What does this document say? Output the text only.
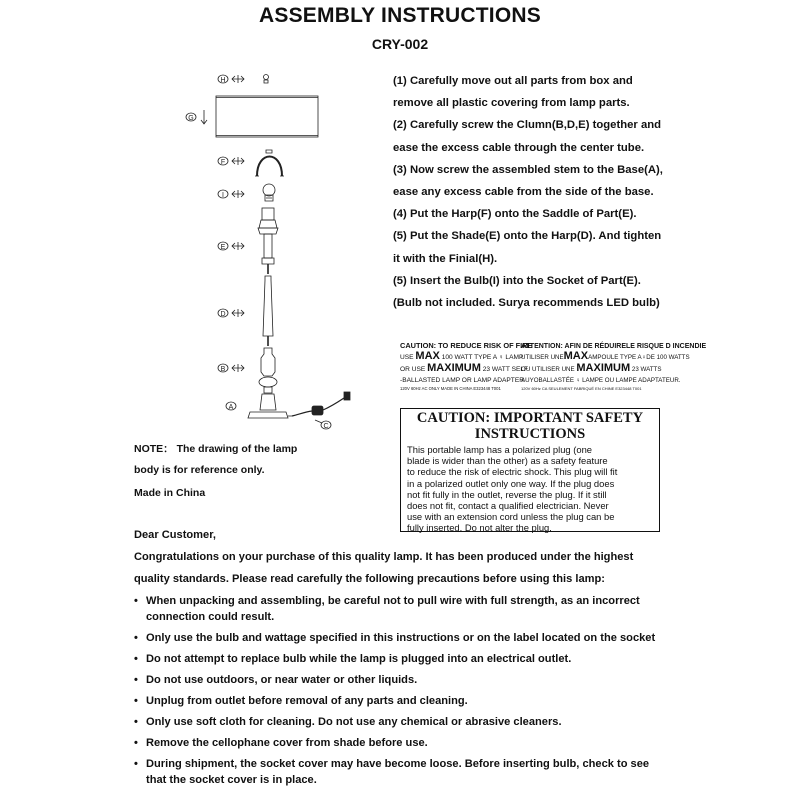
ASSEMBLY INSTRUCTIONS
CRY-002
H
G
F
I
E
D
B
A
C
(1) Carefully move out all parts from box and
remove all plastic covering from lamp parts.
(2) Carefully screw the Clumn(B,D,E) together and
ease the excess cable through the center tube.
(3) Now screw the assembled stem to the Base(A),
ease any excess cable from the side of the base.
(4) Put the Harp(F) onto the Saddle of Part(E).
(5) Put the Shade(E) onto the Harp(D). And tighten
it with the Finial(H).
(5) Insert the Bulb(I) into the Socket of Part(E).
(Bulb not included. Surya recommends LED bulb)
CAUTION: TO REDUCE RISK OF FIRE
USE MAX 100 WATT TYPE A ♀ LAMP
OR USE MAXIMUM 23 WATT SELF
-BALLASTED LAMP OR LAMP ADAPTER
120V 60Hz AC ONLY MADE IN CHINA E323448 T001
ATTENTION: AFIN DE RÉDUIRELE RISQUE D INCENDIE
UTILISER UNEMAXAMPOULE TYPE A♀DE 100 WATTS
OU UTILISER UNE MAXIMUM 23 WATTS
AUYOBALLASTÉE ♀ LAMPE OU LAMPE ADAPTATEUR.
120V 60Hz CA SEULEMENT FABRIQUÉ EN CHINE E323448 T001
CAUTION: IMPORTANT SAFETY
INSTRUCTIONS
This portable lamp has a polarized plug (one
blade is wider than the other) as a safety feature
to reduce the risk of electric shock. This plug will fit
in a polarized outlet only one way. If the plug does
not fit fully in the outlet, reverse the plug. If it still
does not fit, contact a qualified electrician. Never
use with an extension cord unless the plug can be
fully inserted. Do not alter the plug.
NOTE： The drawing of the lamp
body is for reference only.
Made in China
Dear Customer,
Congratulations on your purchase of this quality lamp. It has been produced under the highest
quality standards. Please read carefully the following precautions before using this lamp:
• When unpacking and assembling, be careful not to pull wire with full strength, as an incorrect
connection could result.
• Only use the bulb and wattage specified in this instructions or on the label located on the socket
• Do not attempt to replace bulb while the lamp is plugged into an electrical outlet.
• Do not use outdoors, or near water or other liquids.
• Unplug from outlet before removal of any parts and cleaning.
• Only use soft cloth for cleaning. Do not use any chemical or abrasive cleaners.
• Remove the cellophane cover from shade before use.
• During shipment, the socket cover may have become loose. Before inserting bulb, check to see
that the socket cover is in place.
